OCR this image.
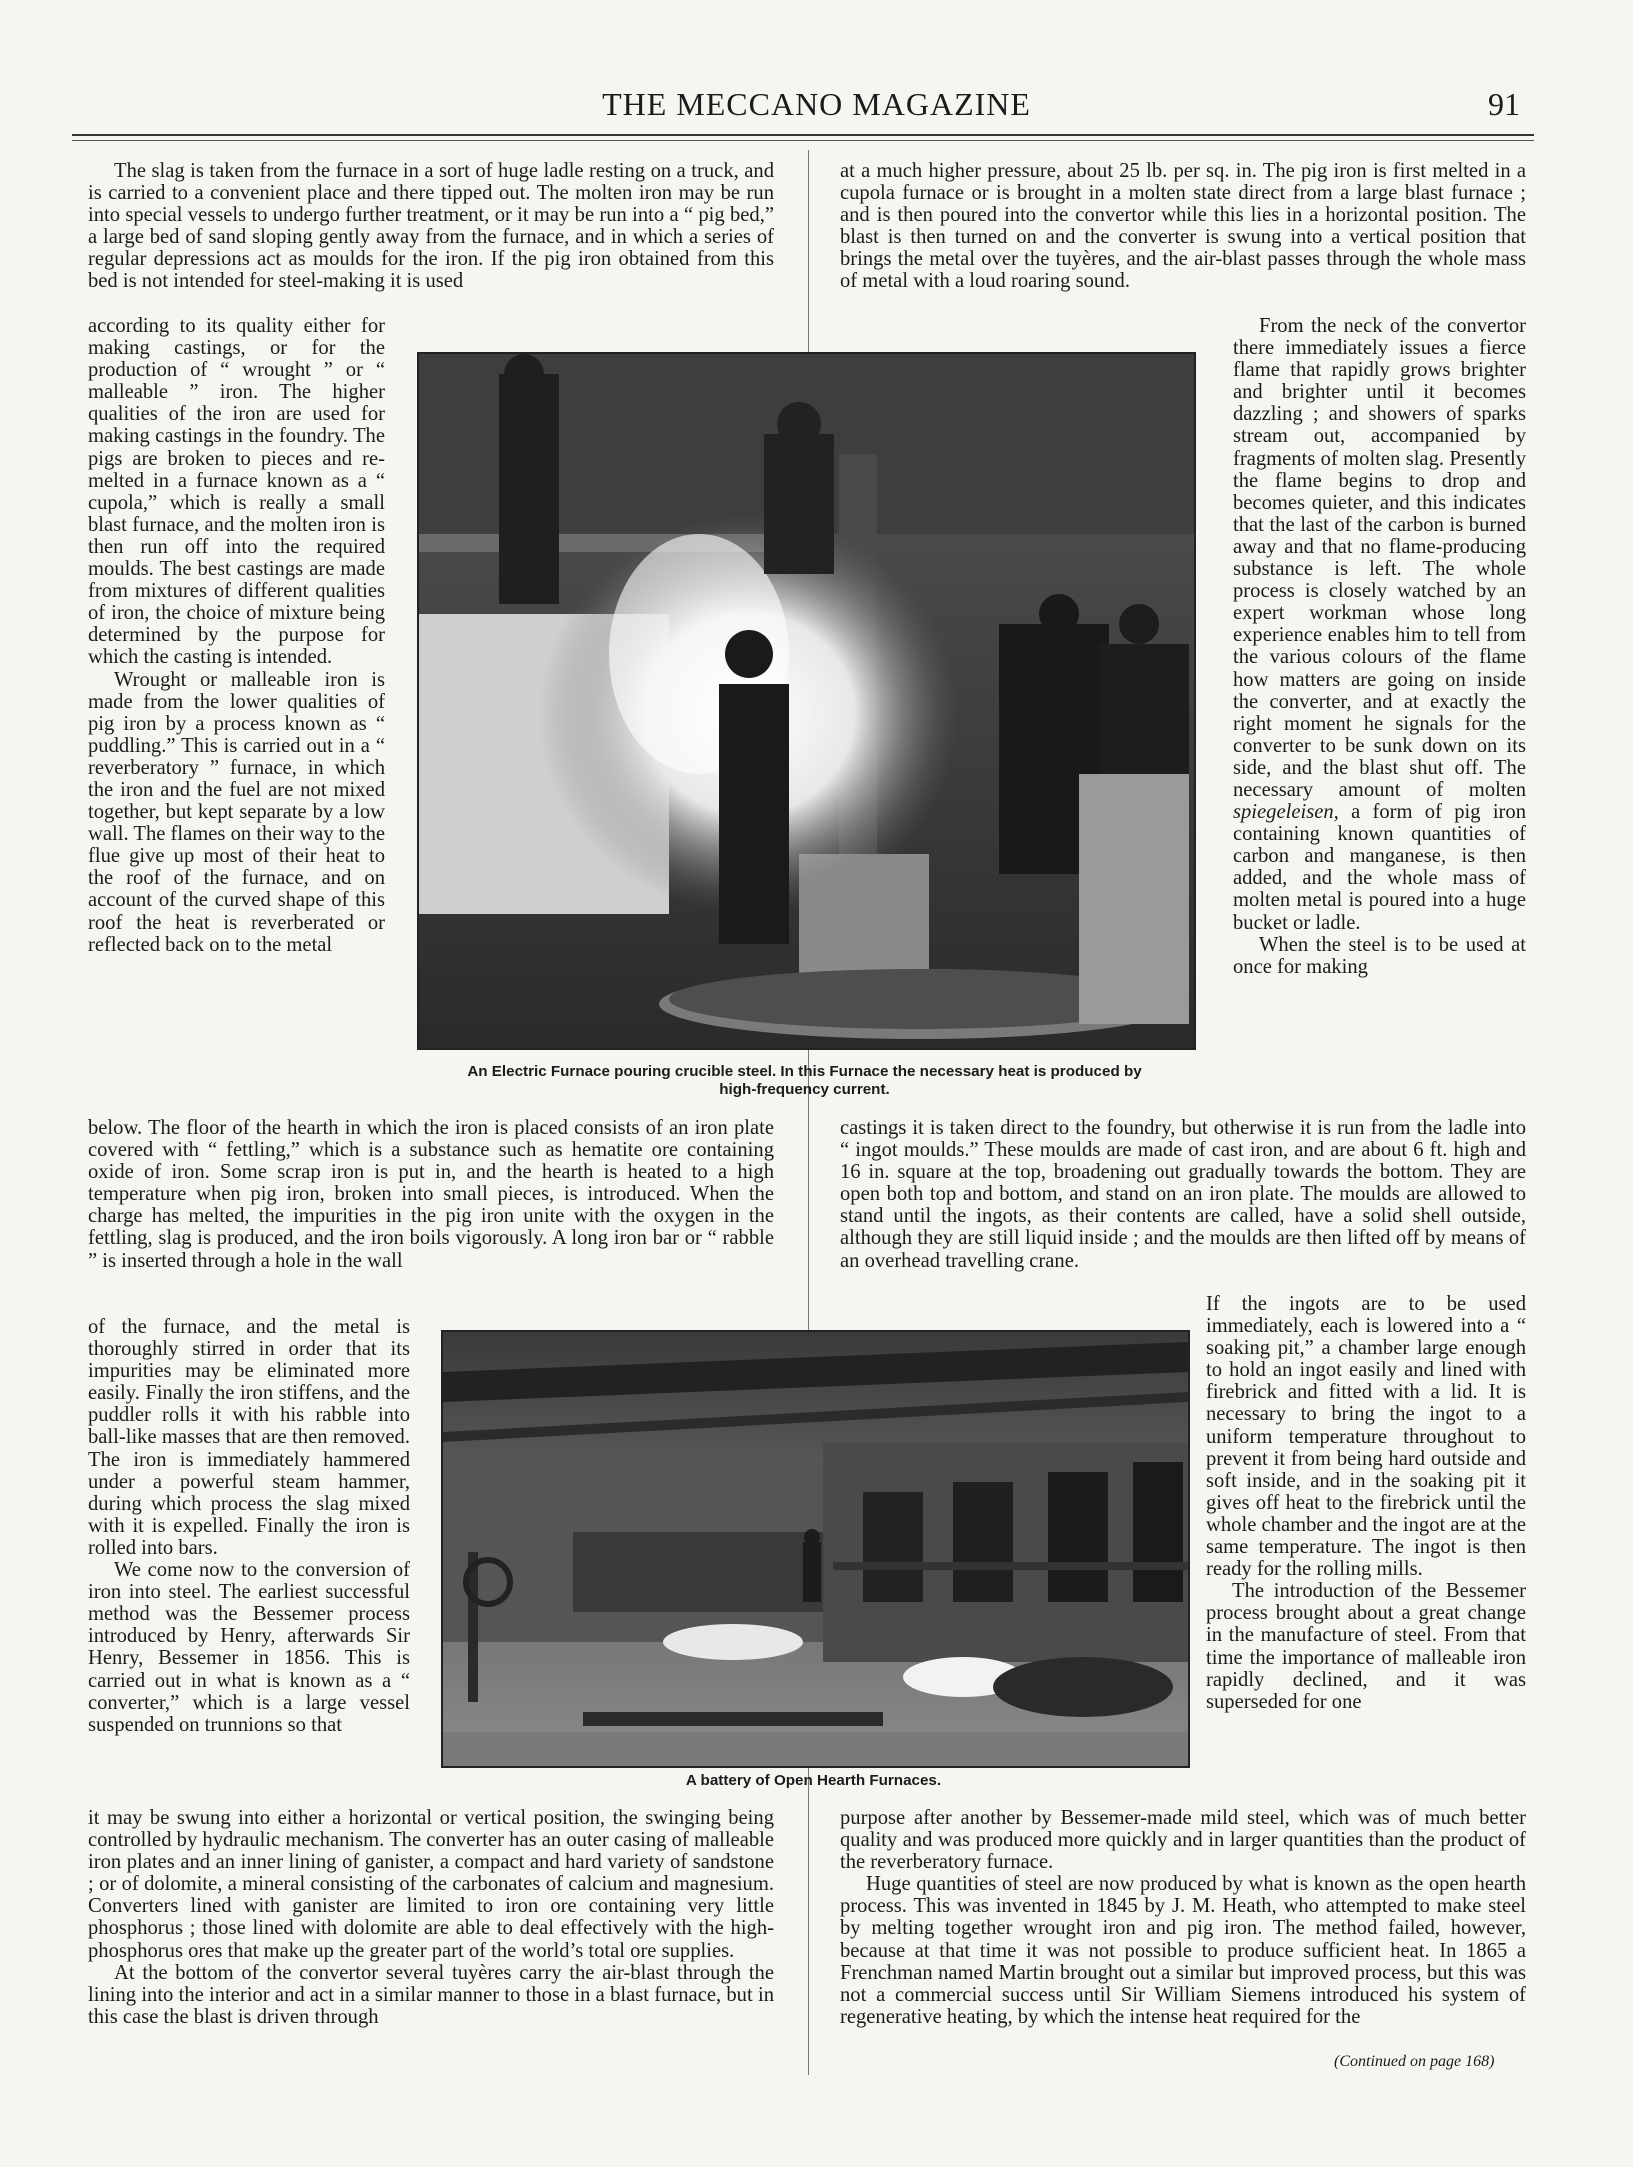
THE MECCANO MAGAZINE	91

The slag is taken from the furnace in a sort of huge ladle resting on a truck, and is carried to a convenient place and there tipped out. The molten iron may be run into special vessels to undergo further treatment, or it may be run into a “ pig bed,” a large bed of sand sloping gently away from the furnace, and in which a series of regular depressions act as moulds for the iron. If the pig iron obtained from this bed is not intended for steel-making it is used

according to its quality either for making castings, or for the production of “ wrought ” or “ malleable ” iron. The higher qualities of the iron are used for making castings in the foundry. The pigs are broken to pieces and re-melted in a furnace known as a “ cupola,” which is really a small blast furnace, and the molten iron is then run off into the required moulds. The best castings are made from mixtures of different qualities of iron, the choice of mixture being determined by the purpose for which the casting is intended.

Wrought or malleable iron is made from the lower qualities of pig iron by a process known as “ puddling.” This is carried out in a “ reverberatory ” furnace, in which the iron and the fuel are not mixed together, but kept separate by a low wall. The flames on their way to the flue give up most of their heat to the roof of the furnace, and on account of the curved shape of this roof the heat is reverberated or reflected back on to the metal

below. The floor of the hearth in which the iron is placed consists of an iron plate covered with “ fettling,” which is a substance such as hematite ore containing oxide of iron. Some scrap iron is put in, and the hearth is heated to a high temperature when pig iron, broken into small pieces, is introduced. When the charge has melted, the impurities in the pig iron unite with the oxygen in the fettling, slag is produced, and the iron boils vigorously. A long iron bar or “ rabble ” is inserted through a hole in the wall

of the furnace, and the metal is thoroughly stirred in order that its impurities may be eliminated more easily. Finally the iron stiffens, and the puddler rolls it with his rabble into ball-like masses that are then removed. The iron is immediately hammered under a powerful steam hammer, during which process the slag mixed with it is expelled. Finally the iron is rolled into bars.

We come now to the conversion of iron into steel. The earliest successful method was the Bessemer process introduced by Henry, afterwards Sir Henry, Bessemer in 1856. This is carried out in what is known as a “ converter,” which is a large vessel suspended on trunnions so that

it may be swung into either a horizontal or vertical position, the swinging being controlled by hydraulic mechanism. The converter has an outer casing of malleable iron plates and an inner lining of ganister, a compact and hard variety of sandstone ; or of dolomite, a mineral consisting of the carbonates of calcium and magnesium. Converters lined with ganister are limited to iron ore containing very little phosphorus ; those lined with dolomite are able to deal effectively with the high-phosphorus ores that make up the greater part of the world’s total ore supplies.

At the bottom of the convertor several tuyères carry the air-blast through the lining into the interior and act in a similar manner to those in a blast furnace, but in this case the blast is driven through

at a much higher pressure, about 25 lb. per sq. in. The pig iron is first melted in a cupola furnace or is brought in a molten state direct from a large blast furnace ; and is then poured into the convertor while this lies in a horizontal position. The blast is then turned on and the converter is swung into a vertical position that brings the metal over the tuyères, and the air-blast passes through the whole mass of metal with a loud roaring sound.

From the neck of the convertor there immediately issues a fierce flame that rapidly grows brighter and brighter until it becomes dazzling ; and showers of sparks stream out, accompanied by fragments of molten slag. Presently the flame begins to drop and becomes quieter, and this indicates that the last of the carbon is burned away and that no flame-producing substance is left. The whole process is closely watched by an expert workman whose long experience enables him to tell from the various colours of the flame how matters are going on inside the converter, and at exactly the right moment he signals for the converter to be sunk down on its side, and the blast shut off. The necessary amount of molten spiegeleisen, a form of pig iron containing known quantities of carbon and manganese, is then added, and the whole mass of molten metal is poured into a huge bucket or ladle.

When the steel is to be used at once for making

castings it is taken direct to the foundry, but otherwise it is run from the ladle into “ ingot moulds.” These moulds are made of cast iron, and are about 6 ft. high and 16 in. square at the top, broadening out gradually towards the bottom. They are open both top and bottom, and stand on an iron plate. The moulds are allowed to stand until the ingots, as their contents are called, have a solid shell outside, although they are still liquid inside ; and the moulds are then lifted off by means of an overhead travelling crane.

If the ingots are to be used immediately, each is lowered into a “ soaking pit,” a chamber large enough to hold an ingot easily and lined with firebrick and fitted with a lid. It is necessary to bring the ingot to a uniform temperature throughout to prevent it from being hard outside and soft inside, and in the soaking pit it gives off heat to the firebrick until the whole chamber and the ingot are at the same temperature. The ingot is then ready for the rolling mills.

The introduction of the Bessemer process brought about a great change in the manufacture of steel. From that time the importance of malleable iron rapidly declined, and it was superseded for one

purpose after another by Bessemer-made mild steel, which was of much better quality and was produced more quickly and in larger quantities than the product of the reverberatory furnace.

Huge quantities of steel are now produced by what is known as the open hearth process. This was invented in 1845 by J. M. Heath, who attempted to make steel by melting together wrought iron and pig iron. The method failed, however, because at that time it was not possible to produce sufficient heat. In 1865 a Frenchman named Martin brought out a similar but improved process, but this was not a commercial success until Sir William Siemens introduced his system of regenerative heating, by which the intense heat required for the

(Continued on page 168)
An Electric Furnace pouring crucible steel. In this Furnace the necessary heat is produced by
high-frequency current.
A battery of Open Hearth Furnaces.
